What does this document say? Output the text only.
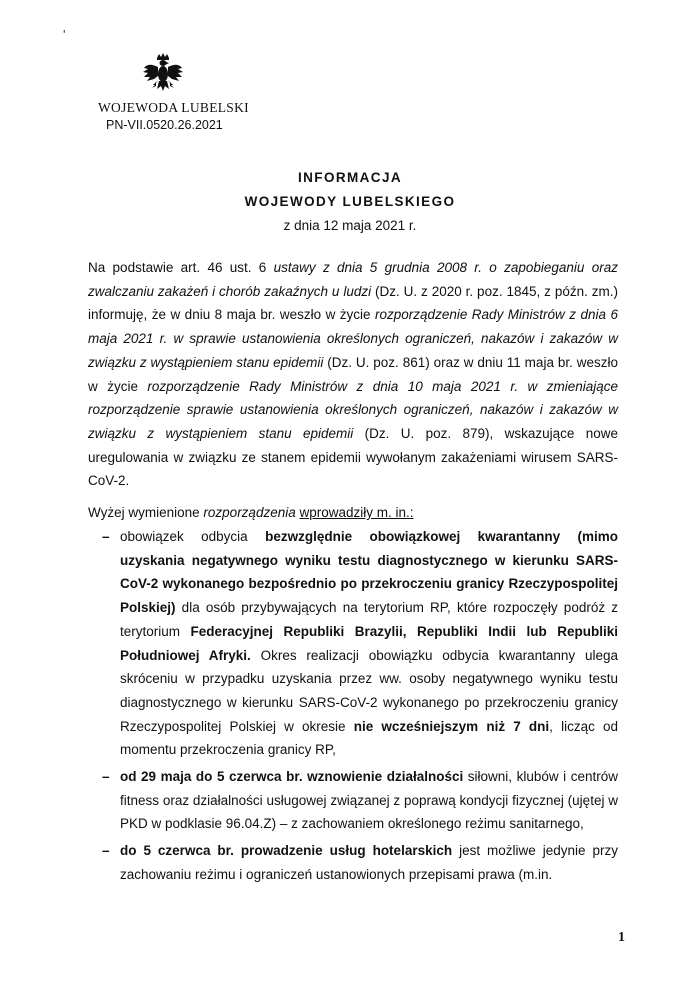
'
WOJEWODA LUBELSKI
PN-VII.0520.26.2021
INFORMACJA
WOJEWODY LUBELSKIEGO
z dnia 12 maja 2021 r.
Na podstawie art. 46 ust. 6 ustawy z dnia 5 grudnia 2008 r. o zapobieganiu oraz zwalczaniu zakażeń i chorób zakaźnych u ludzi (Dz. U. z 2020 r. poz. 1845, z późn. zm.) informuję, że w dniu 8 maja br. weszło w życie rozporządzenie Rady Ministrów z dnia 6 maja 2021 r. w sprawie ustanowienia określonych ograniczeń, nakazów i zakazów w związku z wystąpieniem stanu epidemii (Dz. U. poz. 861) oraz w dniu 11 maja br. weszło w życie rozporządzenie Rady Ministrów z dnia 10 maja 2021 r. w zmieniające rozporządzenie sprawie ustanowienia określonych ograniczeń, nakazów i zakazów w związku z wystąpieniem stanu epidemii (Dz. U. poz. 879), wskazujące nowe uregulowania w związku ze stanem epidemii wywołanym zakażeniami wirusem SARS-CoV-2.
Wyżej wymienione rozporządzenia wprowadziły m. in.:
– obowiązek odbycia bezwzględnie obowiązkowej kwarantanny (mimo uzyskania negatywnego wyniku testu diagnostycznego w kierunku SARS-CoV-2 wykonanego bezpośrednio po przekroczeniu granicy Rzeczypospolitej Polskiej) dla osób przybywających na terytorium RP, które rozpoczęły podróż z terytorium Federacyjnej Republiki Brazylii, Republiki Indii lub Republiki Południowej Afryki. Okres realizacji obowiązku odbycia kwarantanny ulega skróceniu w przypadku uzyskania przez ww. osoby negatywnego wyniku testu diagnostycznego w kierunku SARS-CoV-2 wykonanego po przekroczeniu granicy Rzeczypospolitej Polskiej w okresie nie wcześniejszym niż 7 dni, licząc od momentu przekroczenia granicy RP,
– od 29 maja do 5 czerwca br. wznowienie działalności siłowni, klubów i centrów fitness oraz działalności usługowej związanej z poprawą kondycji fizycznej (ujętej w PKD w podklasie 96.04.Z) – z zachowaniem określonego reżimu sanitarnego,
– do 5 czerwca br. prowadzenie usług hotelarskich jest możliwe jedynie przy zachowaniu reżimu i ograniczeń ustanowionych przepisami prawa (m.in.
1
